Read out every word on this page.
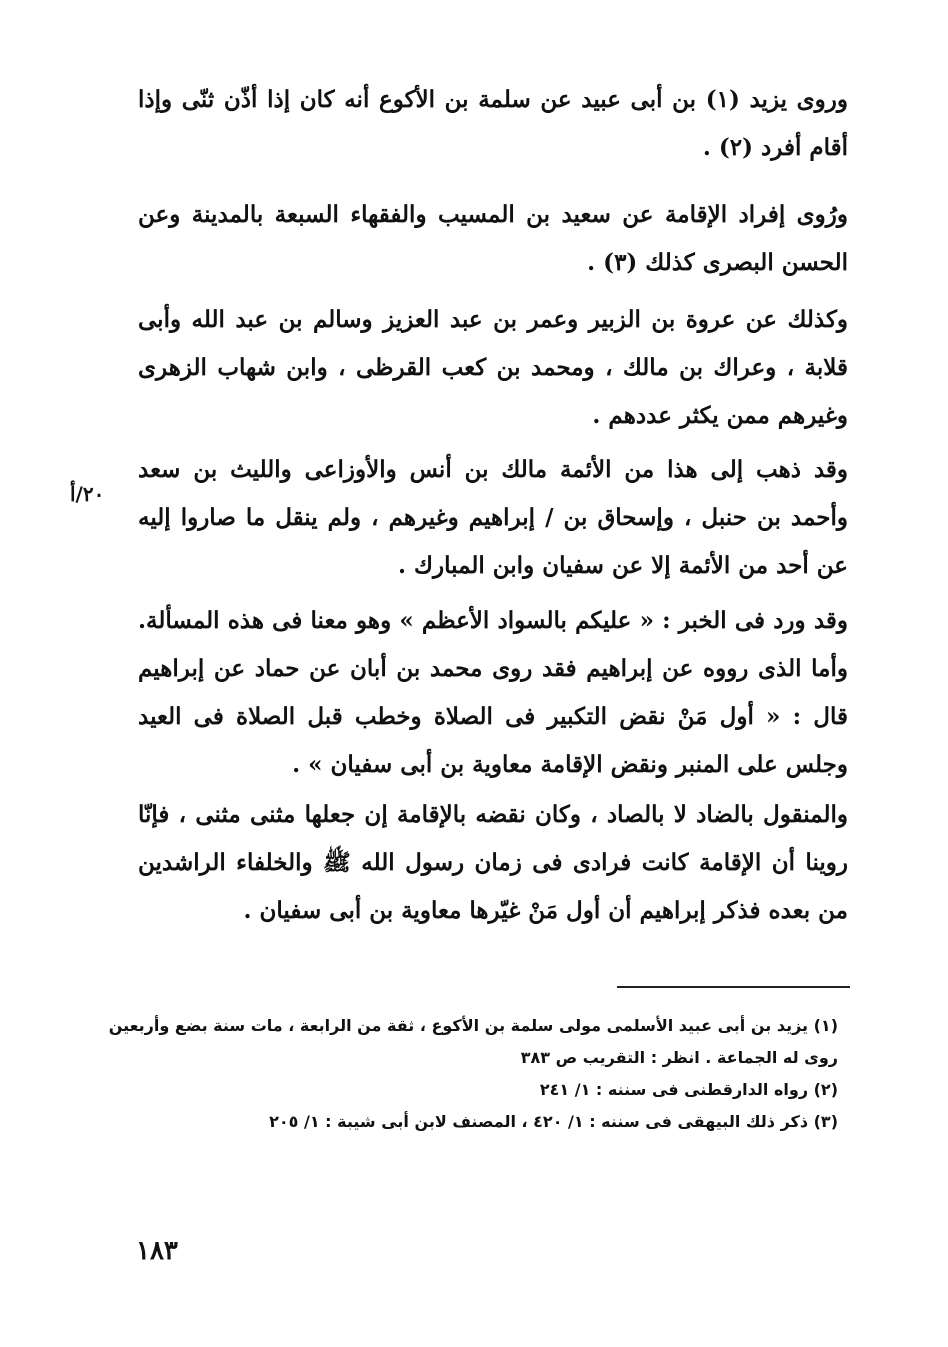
وروى يزيد (١) بن أبى عبيد عن سلمة بن الأكوع أنه كان إذا أذّن ثنّى وإذا أقام أفرد (٢) .
ورُوى إفراد الإقامة عن سعيد بن المسيب والفقهاء السبعة بالمدينة وعن الحسن البصرى كذلك (٣) .
وكذلك عن عروة بن الزبير وعمر بن عبد العزيز وسالم بن عبد الله وأبى قلابة ، وعراك بن مالك ، ومحمد بن كعب القرظى ، وابن شهاب الزهرى وغيرهم ممن يكثر عددهم .
وقد ذهب إلى هذا من الأئمة مالك بن أنس والأوزاعى والليث بن سعد وأحمد بن حنبل ، وإسحاق بن / إبراهيم وغيرهم ، ولم ينقل ما صاروا إليه عن أحد من الأئمة إلا عن سفيان وابن المبارك .
وقد ورد فى الخبر : « عليكم بالسواد الأعظم » وهو معنا فى هذه المسألة. وأما الذى رووه عن إبراهيم فقد روى محمد بن أبان عن حماد عن إبراهيم قال : « أول مَنْ نقض التكبير فى الصلاة وخطب قبل الصلاة فى العيد وجلس على المنبر ونقض الإقامة معاوية بن أبى سفيان » .
والمنقول بالضاد لا بالصاد ، وكان نقضه بالإقامة إن جعلها مثنى مثنى ، فإنّا روينا أن الإقامة كانت فرادى فى زمان رسول الله ﷺ والخلفاء الراشدين من بعده فذكر إبراهيم أن أول مَنْ غيّرها معاوية بن أبى سفيان .
٢٠/أ
(١) يزيد بن أبى عبيد الأسلمى مولى سلمة بن الأكوع ، ثقة من الرابعة ، مات سنة بضع وأربعين
روى له الجماعة . انظر : التقريب ص ٣٨٣
(٢) رواه الدارقطنى فى سننه : ١/ ٢٤١
(٣) ذكر ذلك البيهقى فى سننه : ١/ ٤٢٠ ، المصنف لابن أبى شيبة : ١/ ٢٠٥
١٨٣
